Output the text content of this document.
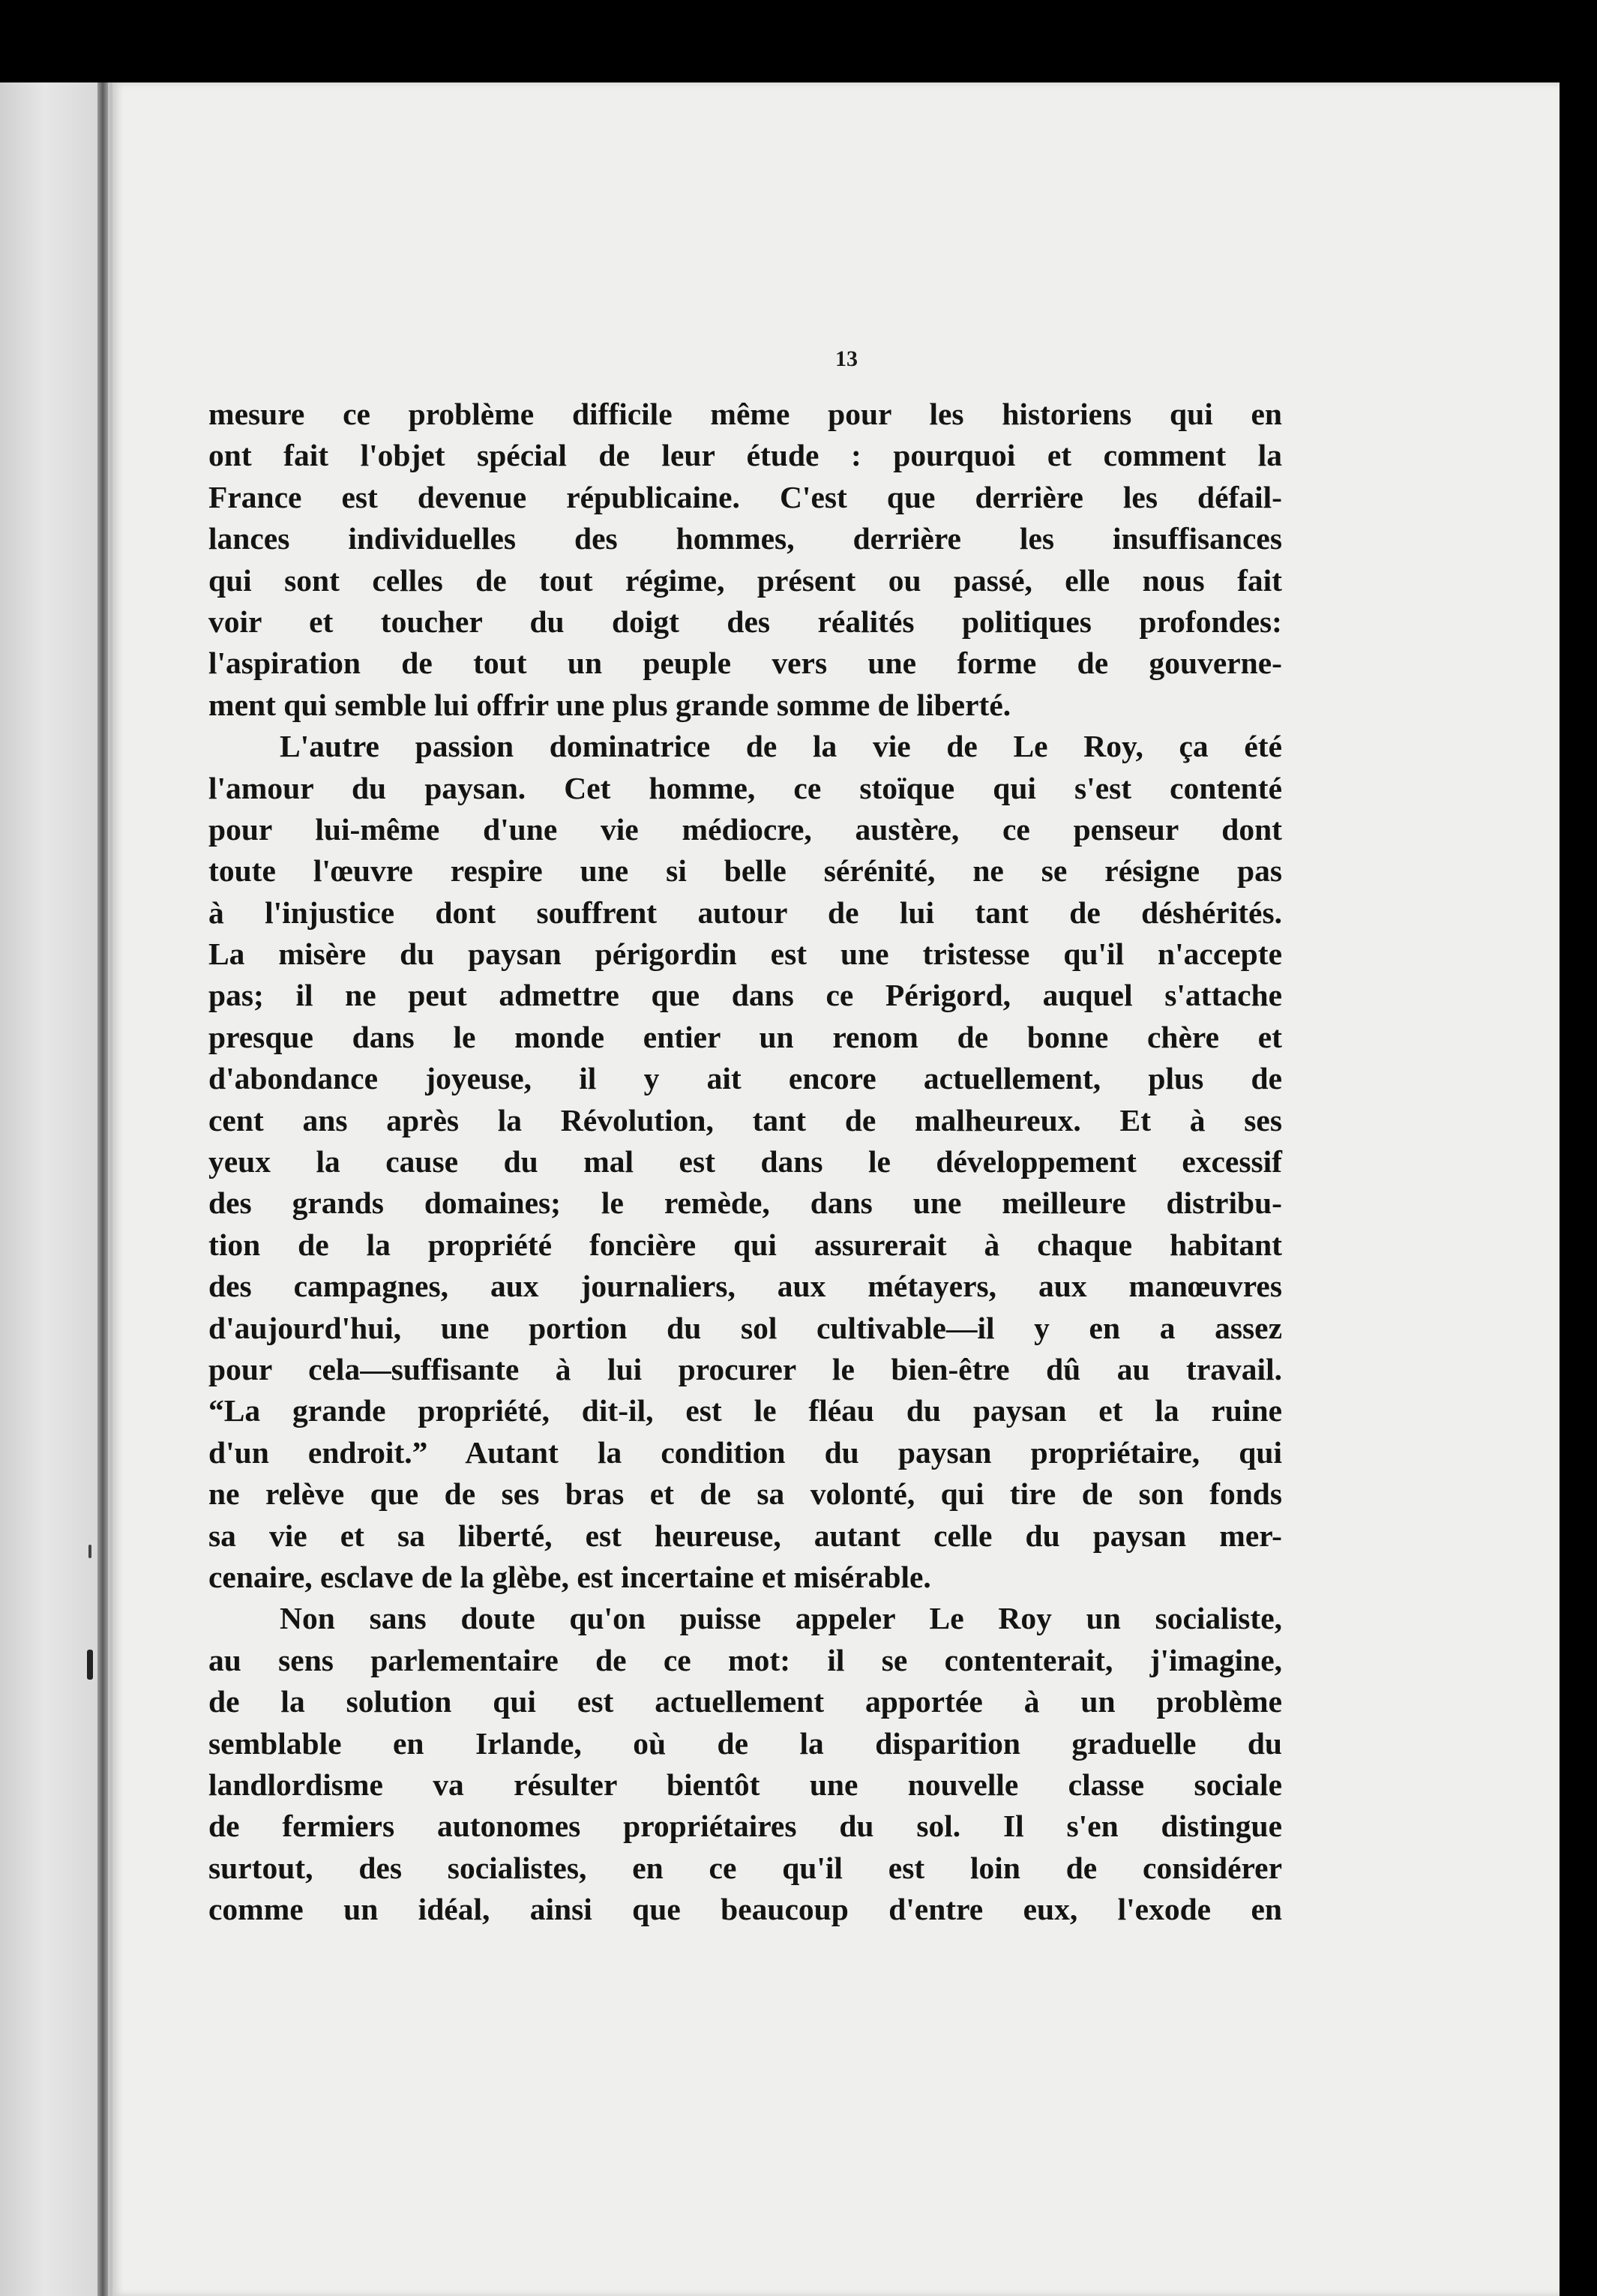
13
mesure ce problème difficile même pour les historiens qui en
ont fait l'objet spécial de leur étude : pourquoi et comment la
France est devenue républicaine. C'est que derrière les défail-
lances individuelles des hommes, derrière les insuffisances
qui sont celles de tout régime, présent ou passé, elle nous fait
voir et toucher du doigt des réalités politiques profondes:
l'aspiration de tout un peuple vers une forme de gouverne-
ment qui semble lui offrir une plus grande somme de liberté.
L'autre passion dominatrice de la vie de Le Roy, ça été
l'amour du paysan. Cet homme, ce stoïque qui s'est contenté
pour lui-même d'une vie médiocre, austère, ce penseur dont
toute l'œuvre respire une si belle sérénité, ne se résigne pas
à l'injustice dont souffrent autour de lui tant de déshérités.
La misère du paysan périgordin est une tristesse qu'il n'accepte
pas; il ne peut admettre que dans ce Périgord, auquel s'attache
presque dans le monde entier un renom de bonne chère et
d'abondance joyeuse, il y ait encore actuellement, plus de
cent ans après la Révolution, tant de malheureux. Et à ses
yeux la cause du mal est dans le développement excessif
des grands domaines; le remède, dans une meilleure distribu-
tion de la propriété foncière qui assurerait à chaque habitant
des campagnes, aux journaliers, aux métayers, aux manœuvres
d'aujourd'hui, une portion du sol cultivable—il y en a assez
pour cela—suffisante à lui procurer le bien-être dû au travail.
“La grande propriété, dit-il, est le fléau du paysan et la ruine
d'un endroit.” Autant la condition du paysan propriétaire, qui
ne relève que de ses bras et de sa volonté, qui tire de son fonds
sa vie et sa liberté, est heureuse, autant celle du paysan mer-
cenaire, esclave de la glèbe, est incertaine et misérable.
Non sans doute qu'on puisse appeler Le Roy un socialiste,
au sens parlementaire de ce mot: il se contenterait, j'imagine,
de la solution qui est actuellement apportée à un problème
semblable en Irlande, où de la disparition graduelle du
landlordisme va résulter bientôt une nouvelle classe sociale
de fermiers autonomes propriétaires du sol. Il s'en distingue
surtout, des socialistes, en ce qu'il est loin de considérer
comme un idéal, ainsi que beaucoup d'entre eux, l'exode en
